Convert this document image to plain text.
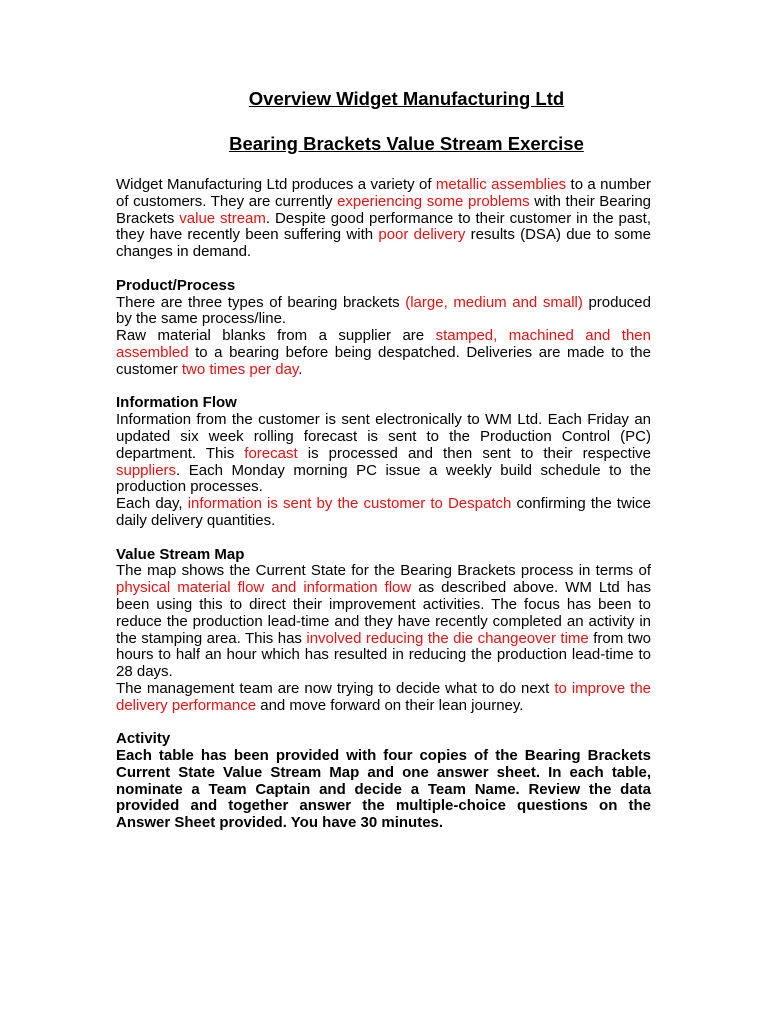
Overview Widget Manufacturing Ltd
Bearing Brackets Value Stream Exercise

Widget Manufacturing Ltd produces a variety of metallic assemblies to a number of customers. They are currently experiencing some problems with their Bearing Brackets value stream. Despite good performance to their customer in the past, they have recently been suffering with poor delivery results (DSA) due to some changes in demand.

Product/Process

There are three types of bearing brackets (large, medium and small) produced by the same process/line.

Raw material blanks from a supplier are stamped, machined and then assembled to a bearing before being despatched. Deliveries are made to the customer two times per day.

Information Flow

Information from the customer is sent electronically to WM Ltd. Each Friday an updated six week rolling forecast is sent to the Production Control (PC) department. This forecast is processed and then sent to their respective suppliers. Each Monday morning PC issue a weekly build schedule to the production processes.

Each day, information is sent by the customer to Despatch confirming the twice daily delivery quantities.

Value Stream Map

The map shows the Current State for the Bearing Brackets process in terms of physical material flow and information flow as described above. WM Ltd has been using this to direct their improvement activities. The focus has been to reduce the production lead-time and they have recently completed an activity in the stamping area. This has involved reducing the die changeover time from two hours to half an hour which has resulted in reducing the production lead-time to 28 days.

The management team are now trying to decide what to do next to improve the delivery performance and move forward on their lean journey.

Activity

Each table has been provided with four copies of the Bearing Brackets Current State Value Stream Map and one answer sheet. In each table, nominate a Team Captain and decide a Team Name. Review the data provided and together answer the multiple-choice questions on the Answer Sheet provided. You have 30 minutes.
